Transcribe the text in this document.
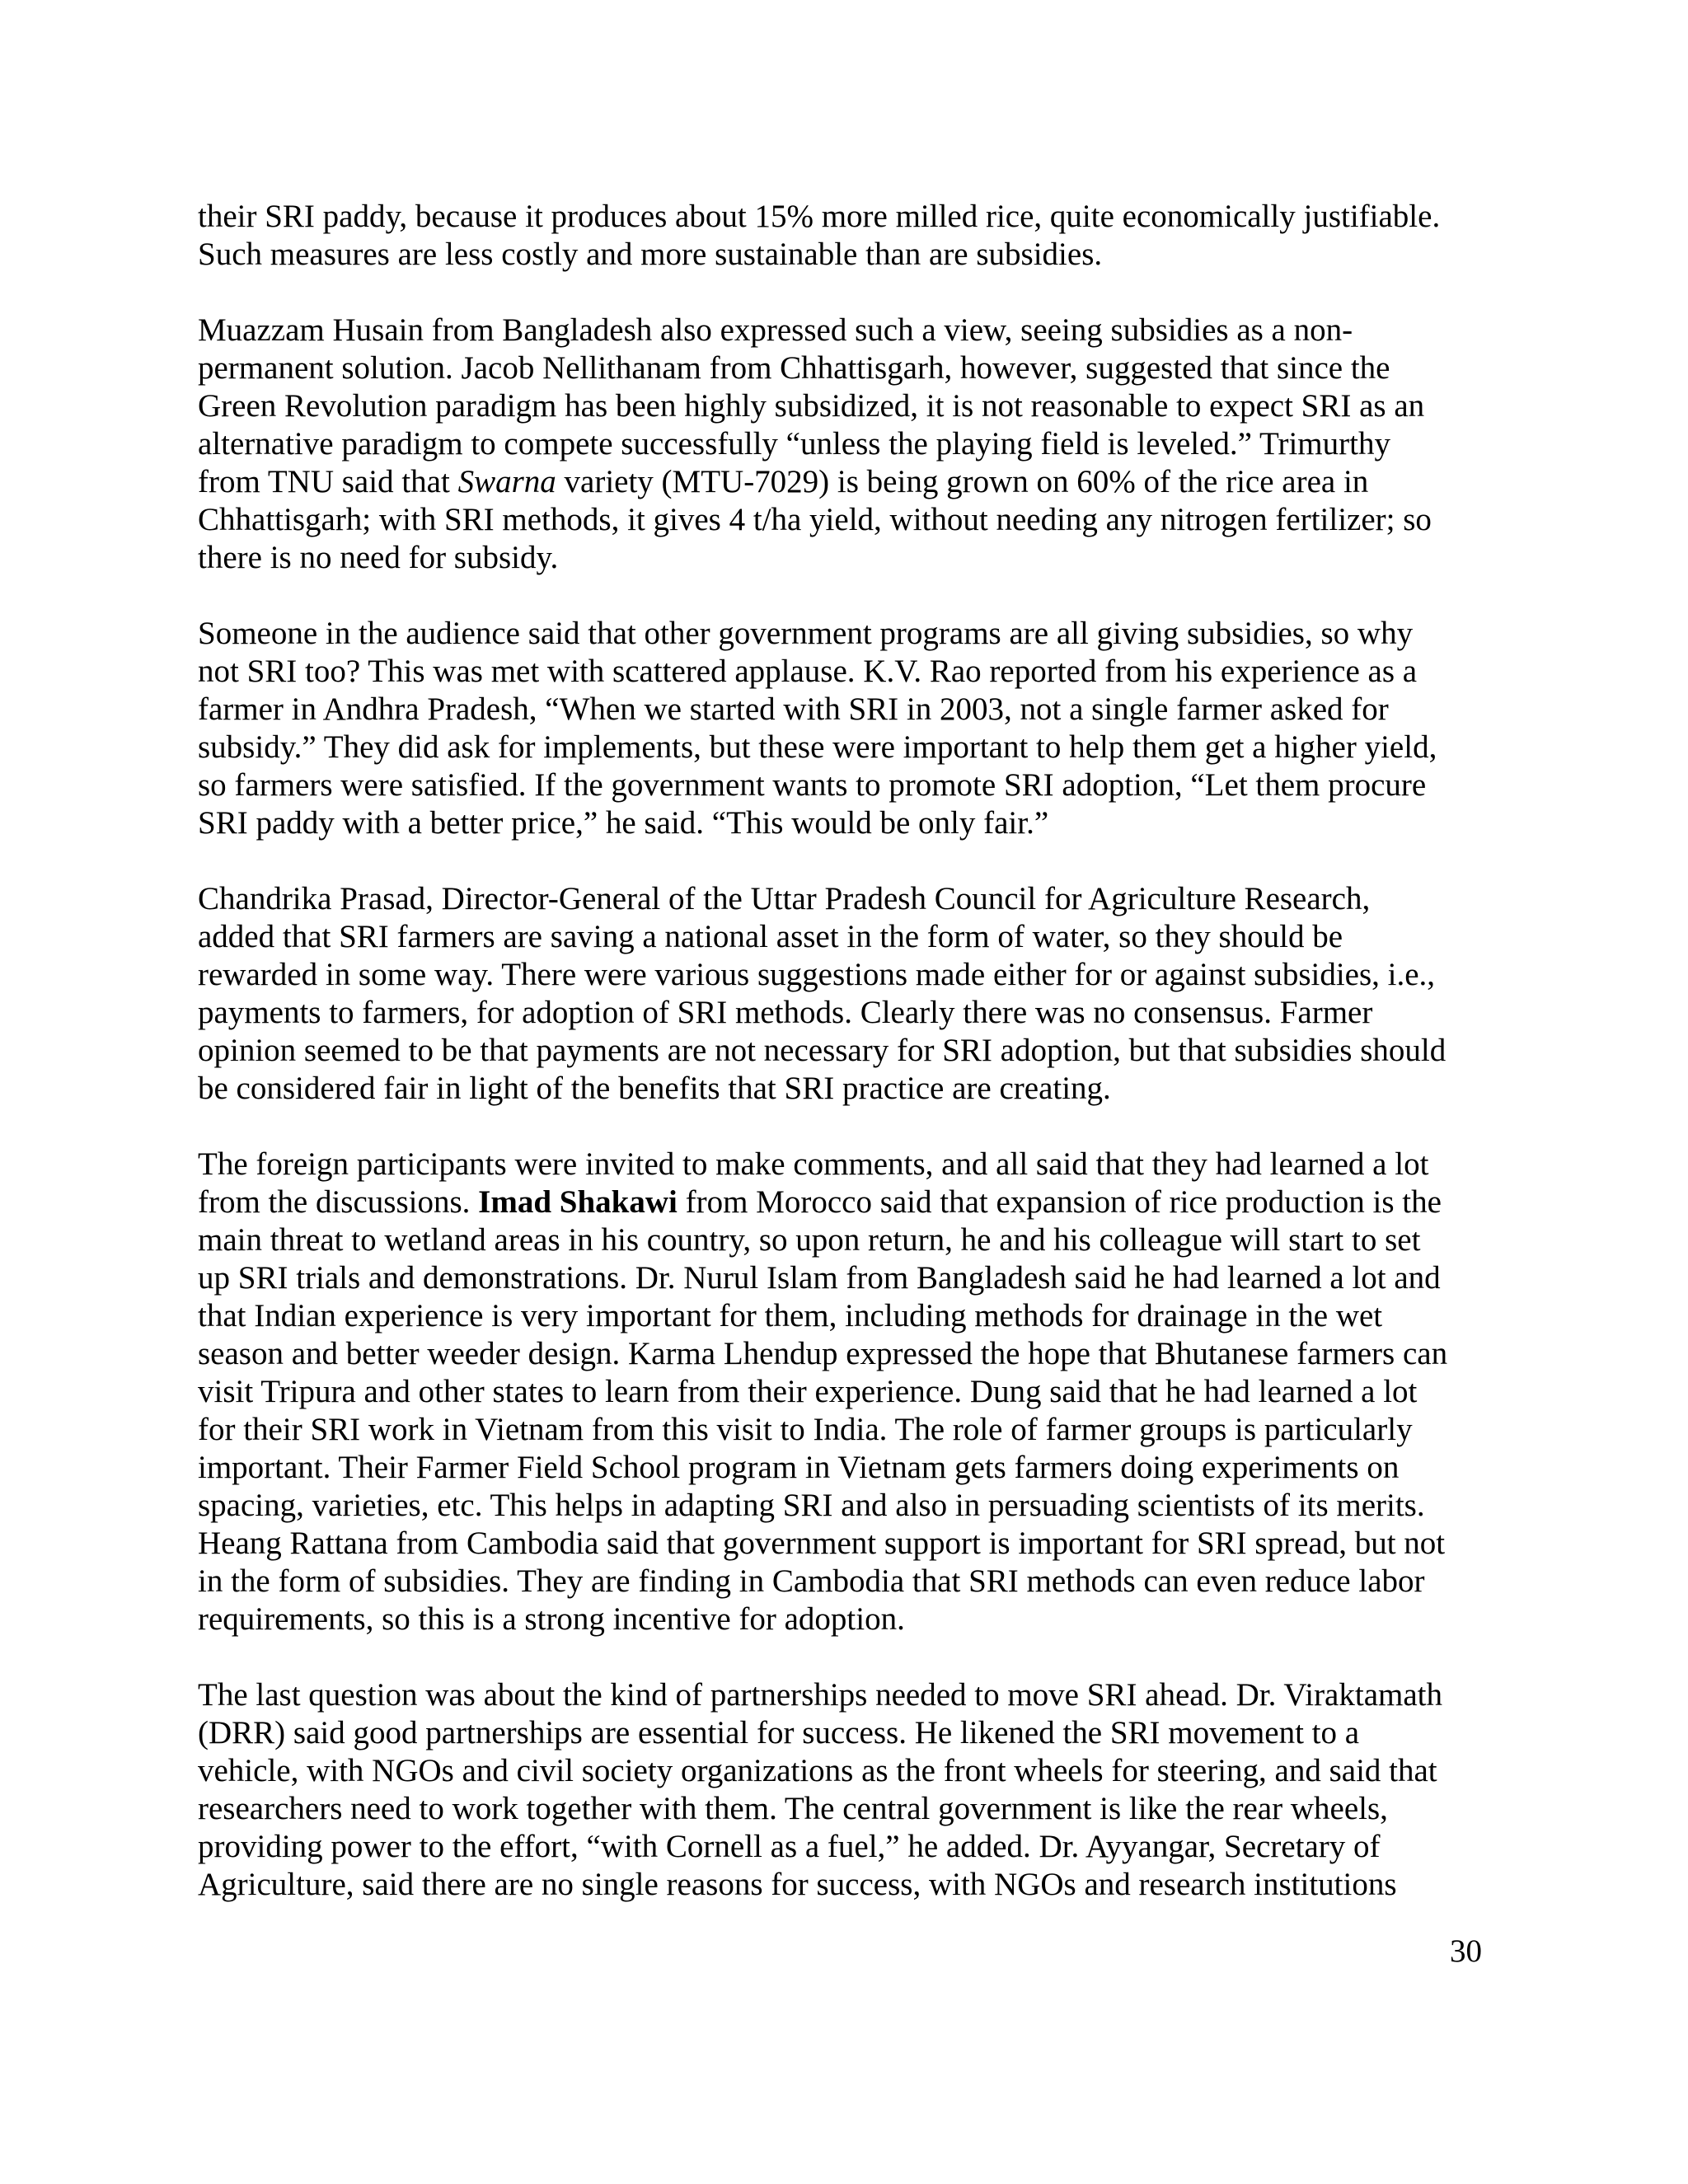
their SRI paddy, because it produces about 15% more milled rice, quite economically justifiable.

Such measures are less costly and more sustainable than are subsidies.

Muazzam Husain from Bangladesh also expressed such a view, seeing subsidies as a non-

permanent solution. Jacob Nellithanam from Chhattisgarh, however, suggested that since the

Green Revolution paradigm has been highly subsidized, it is not reasonable to expect SRI as an

alternative paradigm to compete successfully “unless the playing field is leveled.” Trimurthy

from TNU said that Swarna variety (MTU-7029) is being grown on 60% of the rice area in

Chhattisgarh; with SRI methods, it gives 4 t/ha yield, without needing any nitrogen fertilizer; so

there is no need for subsidy.

Someone in the audience said that other government programs are all giving subsidies, so why

not SRI too? This was met with scattered applause. K.V. Rao reported from his experience as a

farmer in Andhra Pradesh, “When we started with SRI in 2003, not a single farmer asked for

subsidy.” They did ask for implements, but these were important to help them get a higher yield,

so farmers were satisfied. If the government wants to promote SRI adoption, “Let them procure

SRI paddy with a better price,” he said. “This would be only fair.”

Chandrika Prasad, Director-General of the Uttar Pradesh Council for Agriculture Research,

added that SRI farmers are saving a national asset in the form of water, so they should be

rewarded in some way. There were various suggestions made either for or against subsidies, i.e.,

payments to farmers, for adoption of SRI methods. Clearly there was no consensus. Farmer

opinion seemed to be that payments are not necessary for SRI adoption, but that subsidies should

be considered fair in light of the benefits that SRI practice are creating.

The foreign participants were invited to make comments, and all said that they had learned a lot

from the discussions. Imad Shakawi from Morocco said that expansion of rice production is the

main threat to wetland areas in his country, so upon return, he and his colleague will start to set

up SRI trials and demonstrations. Dr. Nurul Islam from Bangladesh said he had learned a lot and

that Indian experience is very important for them, including methods for drainage in the wet

season and better weeder design. Karma Lhendup expressed the hope that Bhutanese farmers can

visit Tripura and other states to learn from their experience. Dung said that he had learned a lot

for their SRI work in Vietnam from this visit to India. The role of farmer groups is particularly

important. Their Farmer Field School program in Vietnam gets farmers doing experiments on

spacing, varieties, etc. This helps in adapting SRI and also in persuading scientists of its merits.

Heang Rattana from Cambodia said that government support is important for SRI spread, but not

in the form of subsidies. They are finding in Cambodia that SRI methods can even reduce labor

requirements, so this is a strong incentive for adoption.

The last question was about the kind of partnerships needed to move SRI ahead. Dr. Viraktamath

(DRR) said good partnerships are essential for success. He likened the SRI movement to a

vehicle, with NGOs and civil society organizations as the front wheels for steering, and said that

researchers need to work together with them. The central government is like the rear wheels,

providing power to the effort, “with Cornell as a fuel,” he added. Dr. Ayyangar, Secretary of

Agriculture, said there are no single reasons for success, with NGOs and research institutions

30
